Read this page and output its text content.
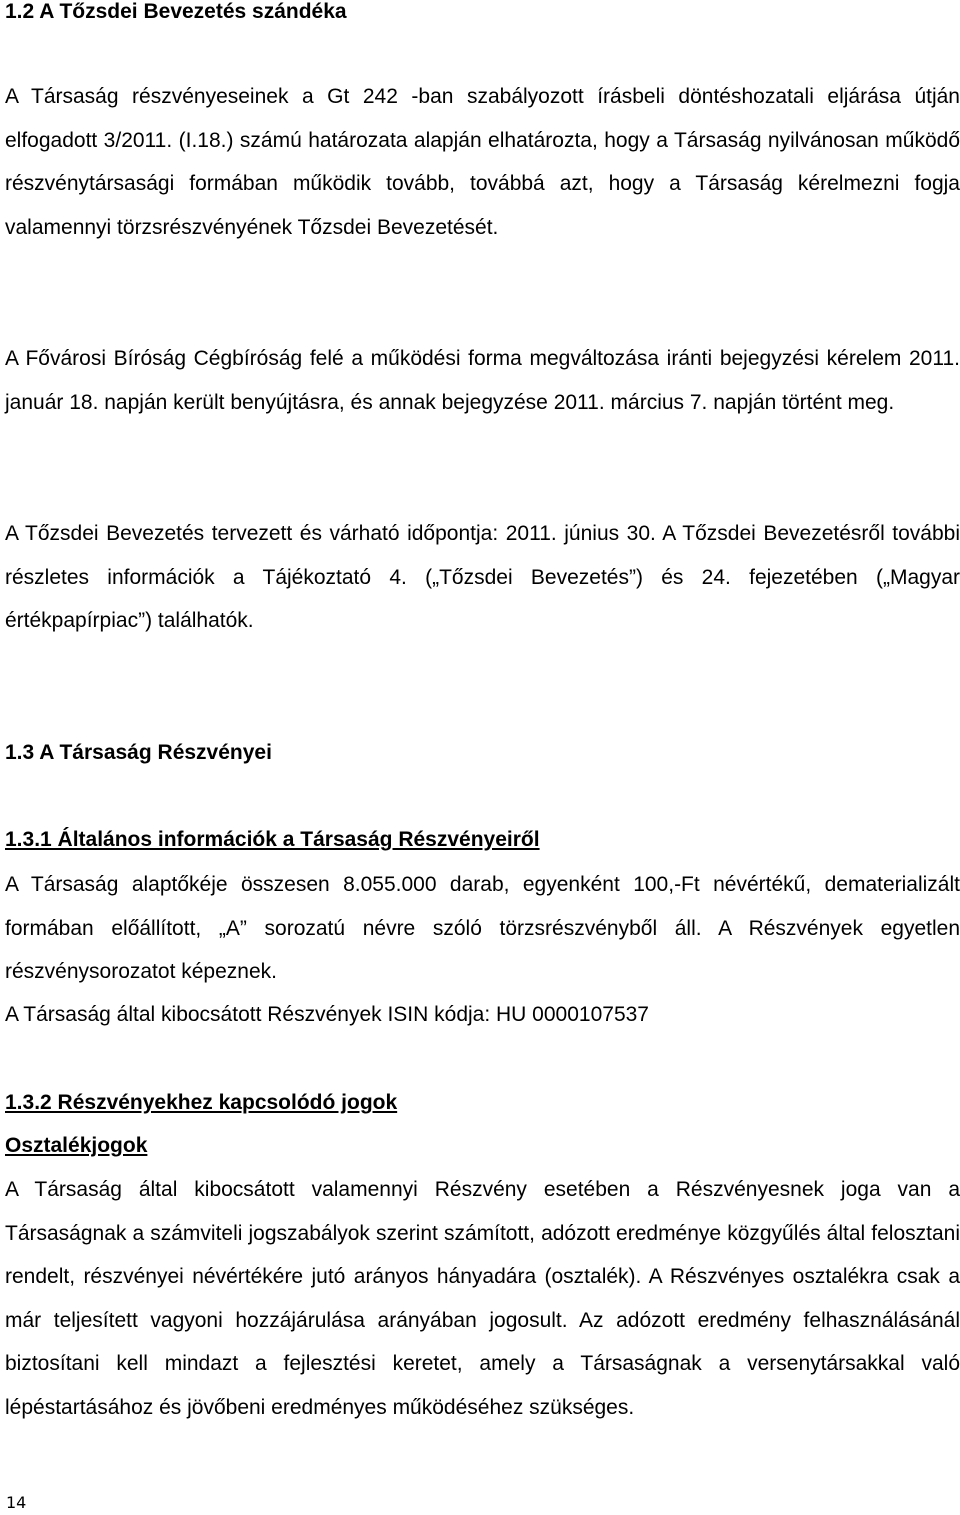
1.2 A Tőzsdei Bevezetés szándéka
A Társaság részvényeseinek a Gt 242 -ban szabályozott írásbeli döntéshozatali eljárása útján elfogadott 3/2011. (I.18.) számú határozata alapján elhatározta, hogy a Társaság nyilvánosan működő részvénytársasági formában működik tovább, továbbá azt, hogy a Társaság kérelmezni fogja valamennyi törzsrészvényének Tőzsdei Bevezetését.
A Fővárosi Bíróság Cégbíróság felé a működési forma megváltozása iránti bejegyzési kérelem 2011. január 18. napján került benyújtásra, és annak bejegyzése 2011. március 7. napján történt meg.
A Tőzsdei Bevezetés tervezett és várható időpontja: 2011. június 30. A Tőzsdei Bevezetésről további részletes információk a Tájékoztató 4. („Tőzsdei Bevezetés”) és 24. fejezetében („Magyar értékpapírpiac”) találhatók.
1.3 A Társaság Részvényei
1.3.1 Általános információk a Társaság Részvényeiről
A Társaság alaptőkéje összesen 8.055.000 darab, egyenként 100,-Ft névértékű, dematerializált formában előállított, „A” sorozatú névre szóló törzsrészvényből áll. A Részvények egyetlen részvénysorozatot képeznek.
A Társaság által kibocsátott Részvények ISIN kódja: HU 0000107537
1.3.2 Részvényekhez kapcsolódó jogok
Osztalékjogok
A Társaság által kibocsátott valamennyi Részvény esetében a Részvényesnek joga van a Társaságnak a számviteli jogszabályok szerint számított, adózott eredménye közgyűlés által felosztani rendelt, részvényei névértékére jutó arányos hányadára (osztalék). A Részvényes osztalékra csak a már teljesített vagyoni hozzájárulása arányában jogosult. Az adózott eredmény felhasználásánál biztosítani kell mindazt a fejlesztési keretet, amely a Társaságnak a versenytársakkal való lépéstartásához és jövőbeni eredményes működéséhez szükséges.
14
